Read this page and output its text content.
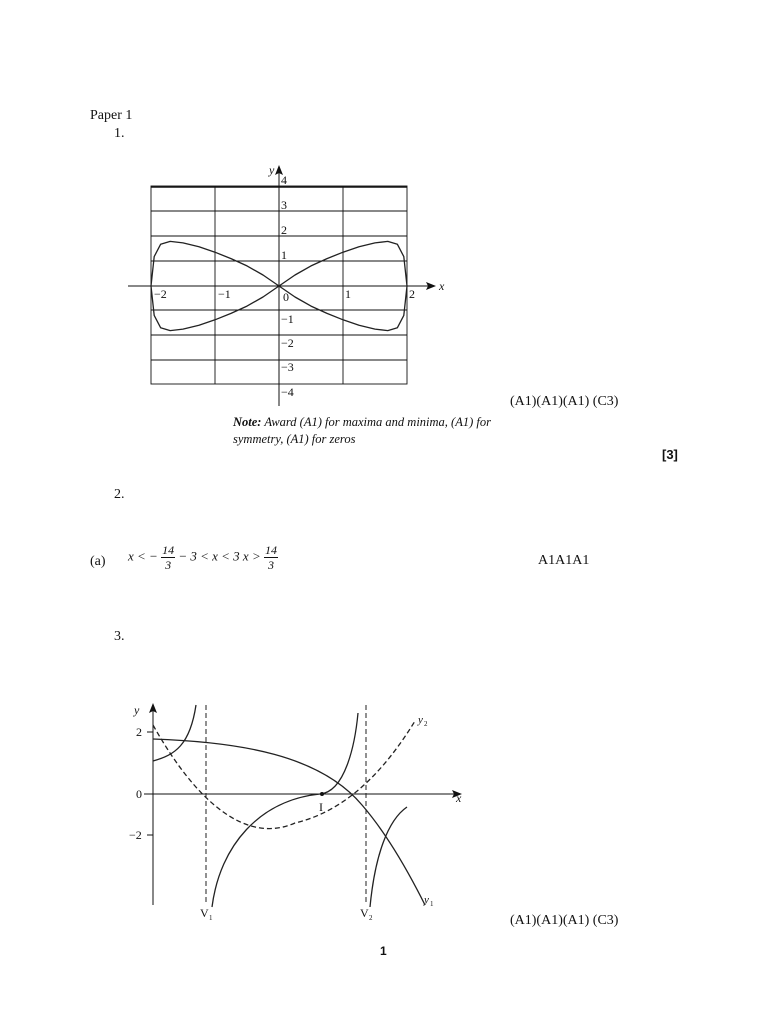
Paper 1
1.
x
y
−2	−1	0	1	2
4
3
2
1
−1
−2
−3
−4
(A1)(A1)(A1) (C3)
Note: Award (A1) for maxima and minima, (A1) for
symmetry, (A1) for zeros
[3]
2.
(a) x < − $\frac{14}{3} - 3 < x < 3$ $x > \frac{14}{3}$	A1A1A1
3.
x
y
2
0
−2
I
V 1	V 2
y 2
y 1
(A1)(A1)(A1) (C3)
1
